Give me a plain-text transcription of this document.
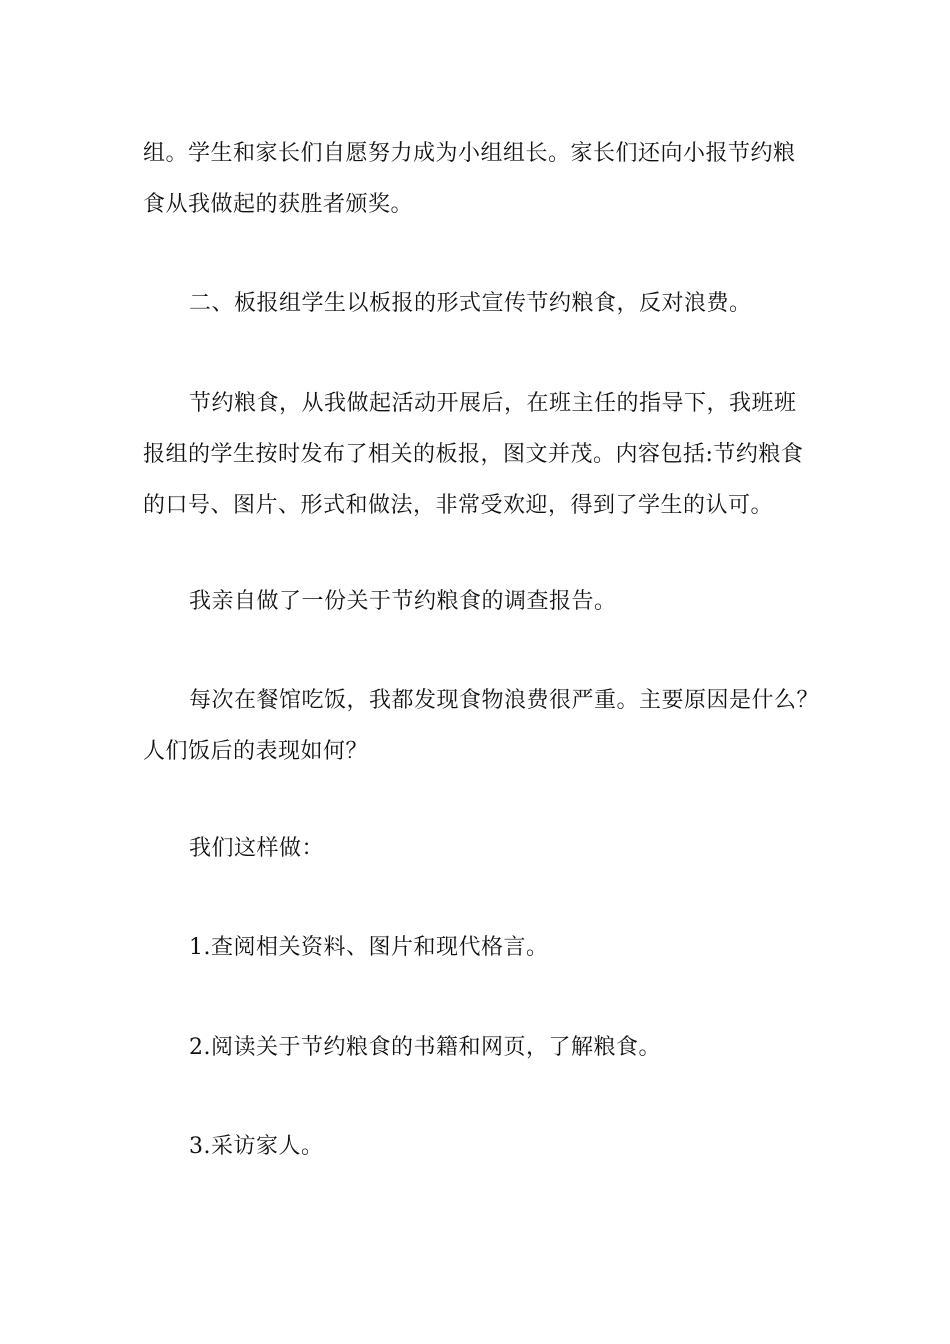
组。学生和家长们自愿努力成为小组组长。家长们还向小报节约粮
食从我做起的获胜者颁奖。

二、板报组学生以板报的形式宣传节约粮食，反对浪费。

节约粮食，从我做起活动开展后，在班主任的指导下，我班班
报组的学生按时发布了相关的板报，图文并茂。内容包括:节约粮食
的口号、图片、形式和做法，非常受欢迎，得到了学生的认可。

我亲自做了一份关于节约粮食的调查报告。

每次在餐馆吃饭，我都发现食物浪费很严重。主要原因是什么？
人们饭后的表现如何？

我们这样做：

1.查阅相关资料、图片和现代格言。

2.阅读关于节约粮食的书籍和网页，了解粮食。

3.采访家人。
